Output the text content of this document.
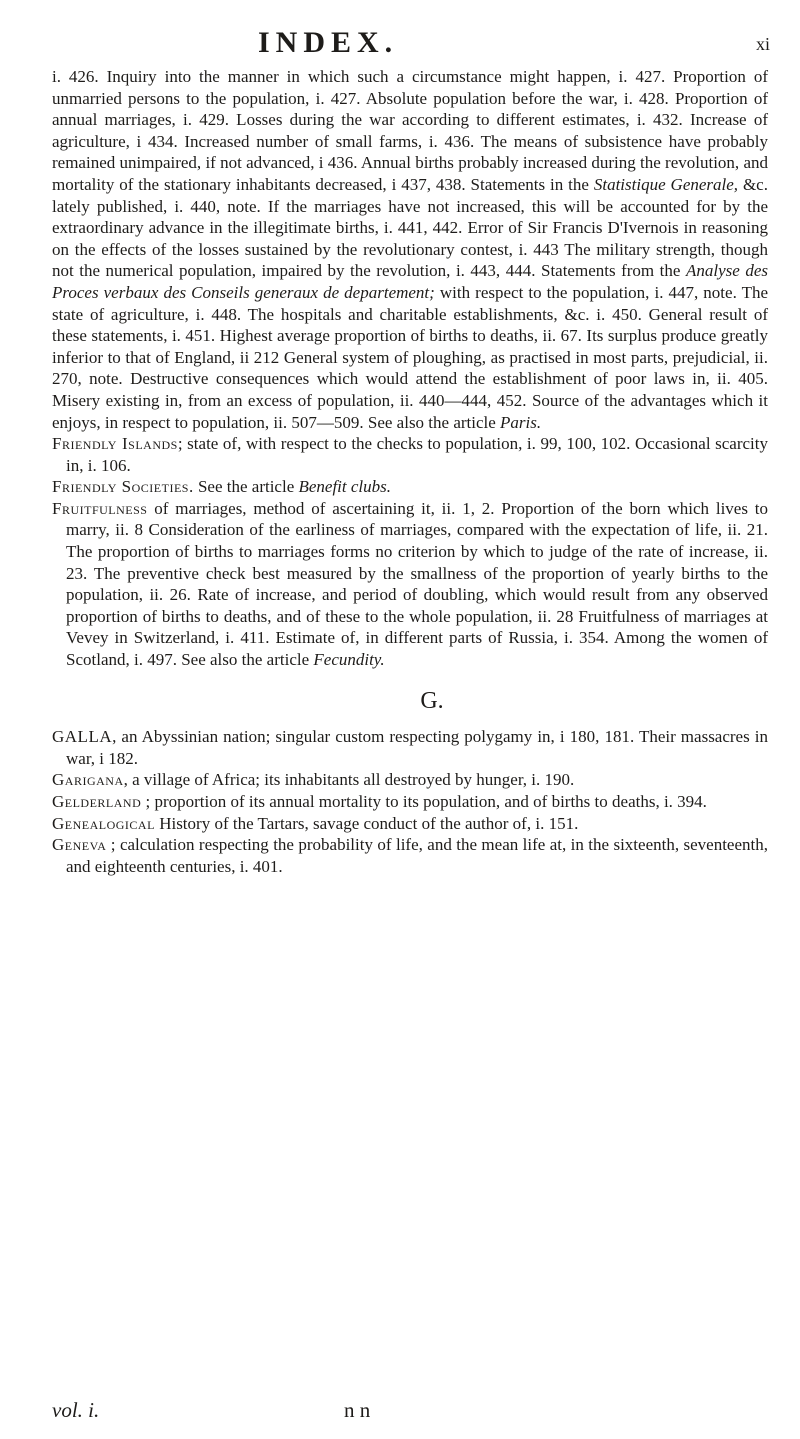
INDEX.	xi

i. 426. Inquiry into the manner in which such a circumstance might happen, i. 427. Proportion of unmarried persons to the population, i. 427. Absolute population before the war, i. 428. Proportion of annual marriages, i. 429. Losses during the war according to different estimates, i. 432. Increase of agriculture, i 434. Increased number of small farms, i. 436. The means of subsistence have probably remained unimpaired, if not advanced, i 436. Annual births probably increased during the revolution, and mortality of the stationary inhabitants decreased, i 437, 438. Statements in the Statistique Generale, &c. lately published, i. 440, note. If the marriages have not increased, this will be accounted for by the extraordinary advance in the illegitimate births, i. 441, 442. Error of Sir Francis D'Ivernois in reasoning on the effects of the losses sustained by the revolutionary contest, i. 443 The military strength, though not the numerical population, impaired by the revolution, i. 443, 444. Statements from the Analyse des Proces verbaux des Conseils generaux de departement; with respect to the population, i. 447, note. The state of agriculture, i. 448. The hospitals and charitable establishments, &c. i. 450. General result of these statements, i. 451. Highest average proportion of births to deaths, ii. 67. Its surplus produce greatly inferior to that of England, ii 212 General system of ploughing, as practised in most parts, prejudicial, ii. 270, note. Destructive consequences which would attend the establishment of poor laws in, ii. 405. Misery existing in, from an excess of population, ii. 440—444, 452. Source of the advantages which it enjoys, in respect to population, ii. 507—509. See also the article Paris.

Friendly Islands; state of, with respect to the checks to population, i. 99, 100, 102. Occasional scarcity in, i. 106.

Friendly Societies. See the article Benefit clubs.

Fruitfulness of marriages, method of ascertaining it, ii. 1, 2. Proportion of the born which lives to marry, ii. 8 Consideration of the earliness of marriages, compared with the expectation of life, ii. 21. The proportion of births to marriages forms no criterion by which to judge of the rate of increase, ii. 23. The preventive check best measured by the smallness of the proportion of yearly births to the population, ii. 26. Rate of increase, and period of doubling, which would result from any observed proportion of births to deaths, and of these to the whole population, ii. 28 Fruitfulness of marriages at Vevey in Switzerland, i. 411. Estimate of, in different parts of Russia, i. 354. Among the women of Scotland, i. 497. See also the article Fecundity.

G.

GALLA, an Abyssinian nation; singular custom respecting polygamy in, i 180, 181. Their massacres in war, i 182.

Garigana, a village of Africa; its inhabitants all destroyed by hunger, i. 190.

Gelderland ; proportion of its annual mortality to its population, and of births to deaths, i. 394.

Genealogical History of the Tartars, savage conduct of the author of, i. 151.

Geneva ; calculation respecting the probability of life, and the mean life at, in the sixteenth, seventeenth, and eighteenth centuries, i. 401.

vol. i.	n n
